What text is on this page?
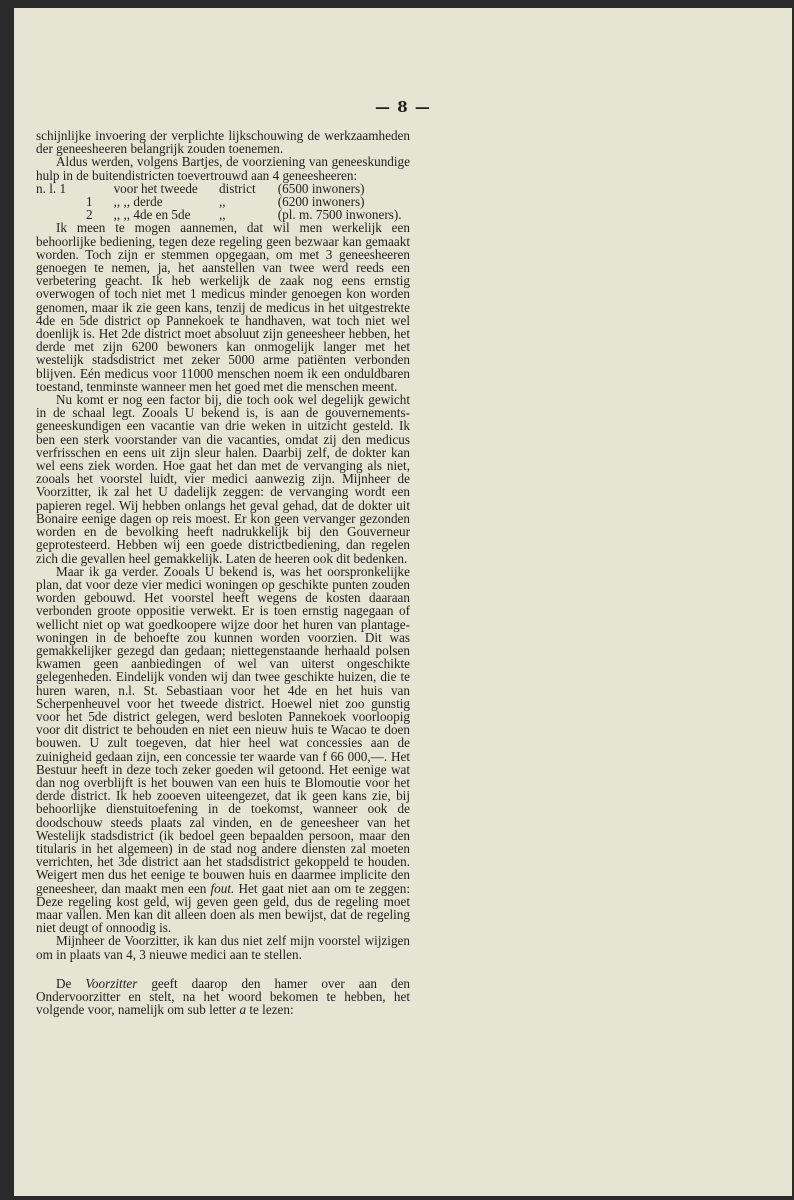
— 8 —

schijnlijke invoering der verplichte lijkschouwing de werkzaamheden der geneesheeren belangrijk zouden toenemen.

Aldus werden, volgens Bartjes, de voorziening van geneeskundige hulp in de buitendistricten toevertrouwd aan 4 geneesheeren:

n. l. 1	voor het tweede	district	(6500 inwoners)
1	,, ,, derde	,,	(6200 inwoners)
2	,, ,, 4de en 5de	,,	(pl. m. 7500 inwoners).

Ik meen te mogen aannemen, dat wil men werkelijk een behoorlijke bediening, tegen deze regeling geen bezwaar kan gemaakt worden. Toch zijn er stemmen opgegaan, om met 3 geneesheeren genoegen te nemen, ja, het aanstellen van twee werd reeds een verbetering geacht. Ik heb werkelijk de zaak nog eens ernstig overwogen of toch niet met 1 medicus minder genoegen kon worden genomen, maar ik zie geen kans, tenzij de medicus in het uitgestrekte 4de en 5de district op Pannekoek te handhaven, wat toch niet wel doenlijk is. Het 2de district moet absoluut zijn geneesheer hebben, het derde met zijn 6200 bewoners kan onmogelijk langer met het westelijk stadsdistrict met zeker 5000 arme patiënten verbonden blijven. Eén medicus voor 11000 menschen noem ik een onduldbaren toestand, tenminste wanneer men het goed met die menschen meent.

Nu komt er nog een factor bij, die toch ook wel degelijk gewicht in de schaal legt. Zooals U bekend is, is aan de gouvernements-geneeskundigen een vacantie van drie weken in uitzicht gesteld. Ik ben een sterk voorstander van die vacanties, omdat zij den medicus verfrisschen en eens uit zijn sleur halen. Daarbij zelf, de dokter kan wel eens ziek worden. Hoe gaat het dan met de vervanging als niet, zooals het voorstel luidt, vier medici aanwezig zijn. Mijnheer de Voorzitter, ik zal het U dadelijk zeggen: de vervanging wordt een papieren regel. Wij hebben onlangs het geval gehad, dat de dokter uit Bonaire eenige dagen op reis moest. Er kon geen vervanger gezonden worden en de bevolking heeft nadrukkelijk bij den Gouverneur geprotesteerd. Hebben wij een goede districtbediening, dan regelen zich die gevallen heel gemakkelijk. Laten de heeren ook dit bedenken.

Maar ik ga verder. Zooals U bekend is, was het oorspronkelijke plan, dat voor deze vier medici woningen op geschikte punten zouden worden gebouwd. Het voorstel heeft wegens de kosten daaraan verbonden groote oppositie verwekt. Er is toen ernstig nagegaan of wellicht niet op wat goedkoopere wijze door het huren van plantage-woningen in de behoefte zou kunnen worden voorzien. Dit was gemakkelijker gezegd dan gedaan; niettegenstaande herhaald polsen kwamen geen aanbiedingen of wel van uiterst ongeschikte gelegenheden. Eindelijk vonden wij dan twee geschikte huizen, die te huren waren, n.l. St. Sebastiaan voor het 4de en het huis van Scherpenheuvel voor het tweede district. Hoewel niet zoo gunstig voor het 5de district gelegen, werd besloten Pannekoek voorloopig voor dit district te behouden en niet een nieuw huis te Wacao te doen bouwen. U zult toegeven, dat hier heel wat concessies aan de zuinigheid gedaan zijn, een concessie ter waarde van f 66 000,—. Het Bestuur heeft in deze toch zeker goeden wil getoond. Het eenige wat dan nog overblijft is het bouwen van een huis te Blomoutie voor het derde district. Ik heb zooeven uiteengezet, dat ik geen kans zie, bij behoorlijke dienstuitoefening in de toekomst, wanneer ook de doodschouw steeds plaats zal vinden, en de geneesheer van het Westelijk stadsdistrict (ik bedoel geen bepaalden persoon, maar den titularis in het algemeen) in de stad nog andere diensten zal moeten verrichten, het 3de district aan het stadsdistrict gekoppeld te houden. Weigert men dus het eenige te bouwen huis en daarmee implicite den geneesheer, dan maakt men een fout. Het gaat niet aan om te zeggen: Deze regeling kost geld, wij geven geen geld, dus de regeling moet maar vallen. Men kan dit alleen doen als men bewijst, dat de regeling niet deugt of onnoodig is.

Mijnheer de Voorzitter, ik kan dus niet zelf mijn voorstel wijzigen om in plaats van 4, 3 nieuwe medici aan te stellen.

De Voorzitter geeft daarop den hamer over aan den Ondervoorzitter en stelt, na het woord bekomen te hebben, het volgende voor, namelijk om sub letter a te lezen:
